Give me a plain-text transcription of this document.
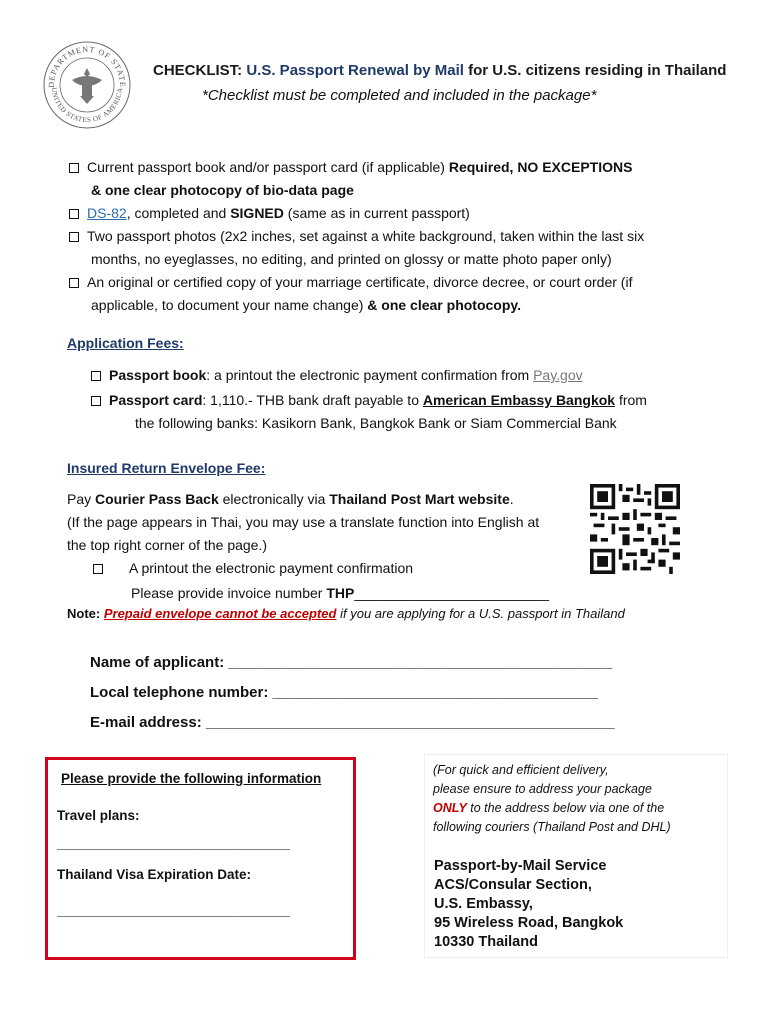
DEPARTMENT OF STATE
UNITED STATES OF AMERICA
CHECKLIST: U.S. Passport Renewal by Mail for U.S. citizens residing in Thailand
*Checklist must be completed and included in the package*
Current passport book and/or passport card (if applicable) Required, NO EXCEPTIONS
& one clear photocopy of bio-data page
DS-82, completed and SIGNED (same as in current passport)
Two passport photos (2x2 inches, set against a white background, taken within the last six
months, no eyeglasses, no editing, and printed on glossy or matte photo paper only)
An original or certified copy of your marriage certificate, divorce decree, or court order (if
applicable, to document your name change) & one clear photocopy.
Application Fees:
Passport book: a printout the electronic payment confirmation from Pay.gov
Passport card: 1,110.- THB bank draft payable to American Embassy Bangkok from
the following banks: Kasikorn Bank, Bangkok Bank or Siam Commercial Bank
Insured Return Envelope Fee:
Pay Courier Pass Back electronically via Thailand Post Mart website.
(If the page appears in Thai, you may use a translate function into English at
the top right corner of the page.)
A printout the electronic payment confirmation
Please provide invoice number THP_________________________
Note: Prepaid envelope cannot be accepted if you are applying for a U.S. passport in Thailand
Name of applicant: ______________________________________________
Local telephone number: _______________________________________
E-mail address: _________________________________________________
Please provide the following information
Travel plans:
_______________________________
Thailand Visa Expiration Date:
_______________________________
(For quick and efficient delivery,
please ensure to address your package
ONLY to the address below via one of the
following couriers (Thailand Post and DHL)
Passport-by-Mail Service
ACS/Consular Section,
U.S. Embassy,
95 Wireless Road, Bangkok
10330 Thailand
